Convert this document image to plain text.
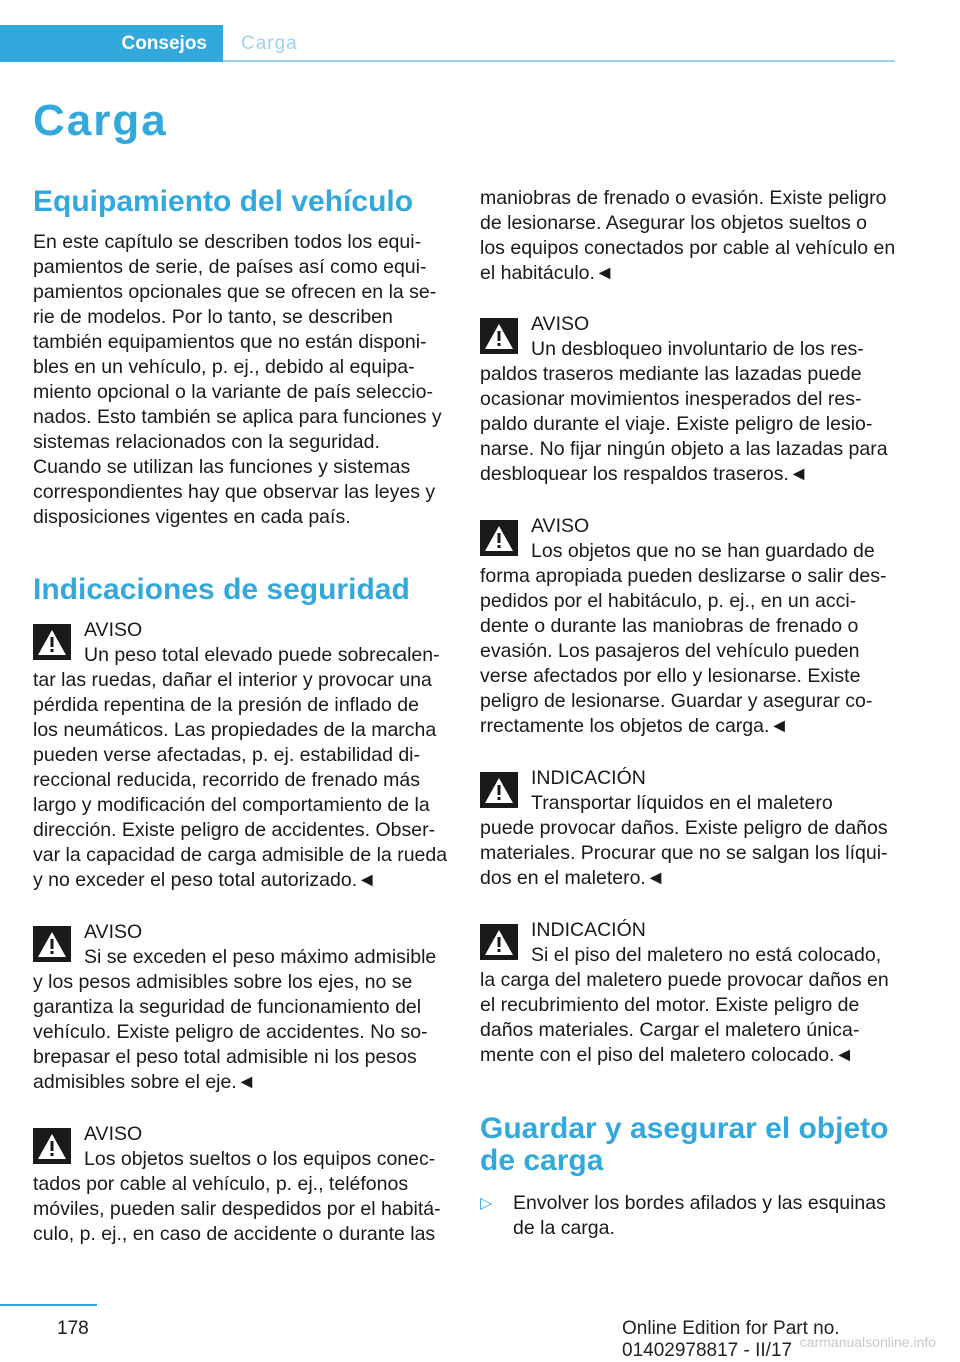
Consejos	Carga
Carga
Equipamiento del vehículo

En este capítulo se describen todos los equi-pamientos de serie, de países así como equi-pamientos opcionales que se ofrecen en la se-rie de modelos. Por lo tanto, se describen también equipamientos que no están disponi-bles en un vehículo, p. ej., debido al equipa-miento opcional o la variante de país seleccio-nados. Esto también se aplica para funciones y sistemas relacionados con la seguridad. Cuando se utilizan las funciones y sistemas correspondientes hay que observar las leyes y disposiciones vigentes en cada país.

Indicaciones de seguridad
AVISO
Un peso total elevado puede sobrecalen-
tar las ruedas, dañar el interior y provocar una pérdida repentina de la presión de inflado de los neumáticos. Las propiedades de la marcha pueden verse afectadas, p. ej. estabilidad di-reccional reducida, recorrido de frenado más largo y modificación del comportamiento de la dirección. Existe peligro de accidentes. Obser-var la capacidad de carga admisible de la rueda y no exceder el peso total autorizado.◄
AVISO
Si se exceden el peso máximo admisible
y los pesos admisibles sobre los ejes, no se garantiza la seguridad de funcionamiento del vehículo. Existe peligro de accidentes. No so-brepasar el peso total admisible ni los pesos admisibles sobre el eje.◄
AVISO
Los objetos sueltos o los equipos conec-
tados por cable al vehículo, p. ej., teléfonos móviles, pueden salir despedidos por el habitá-culo, p. ej., en caso de accidente o durante las

maniobras de frenado o evasión. Existe peligro de lesionarse. Asegurar los objetos sueltos o los equipos conectados por cable al vehículo en el habitáculo.◄

AVISO
Un desbloqueo involuntario de los res-
paldos traseros mediante las lazadas puede ocasionar movimientos inesperados del res-paldo durante el viaje. Existe peligro de lesio-narse. No fijar ningún objeto a las lazadas para desbloquear los respaldos traseros.◄
AVISO
Los objetos que no se han guardado de
forma apropiada pueden deslizarse o salir des-pedidos por el habitáculo, p. ej., en un acci-dente o durante las maniobras de frenado o evasión. Los pasajeros del vehículo pueden verse afectados por ello y lesionarse. Existe peligro de lesionarse. Guardar y asegurar co-rrectamente los objetos de carga.◄
INDICACIÓN
Transportar líquidos en el maletero
puede provocar daños. Existe peligro de daños materiales. Procurar que no se salgan los líqui-dos en el maletero.◄
INDICACIÓN
Si el piso del maletero no está colocado,
la carga del maletero puede provocar daños en el recubrimiento del motor. Existe peligro de daños materiales. Cargar el maletero única-mente con el piso del maletero colocado.◄
Guardar y asegurar el objeto de carga
▷ Envolver los bordes afilados y las esquinas de la carga.
178	Online Edition for Part no. 01402978817 - II/17 carmanualsonline.info
